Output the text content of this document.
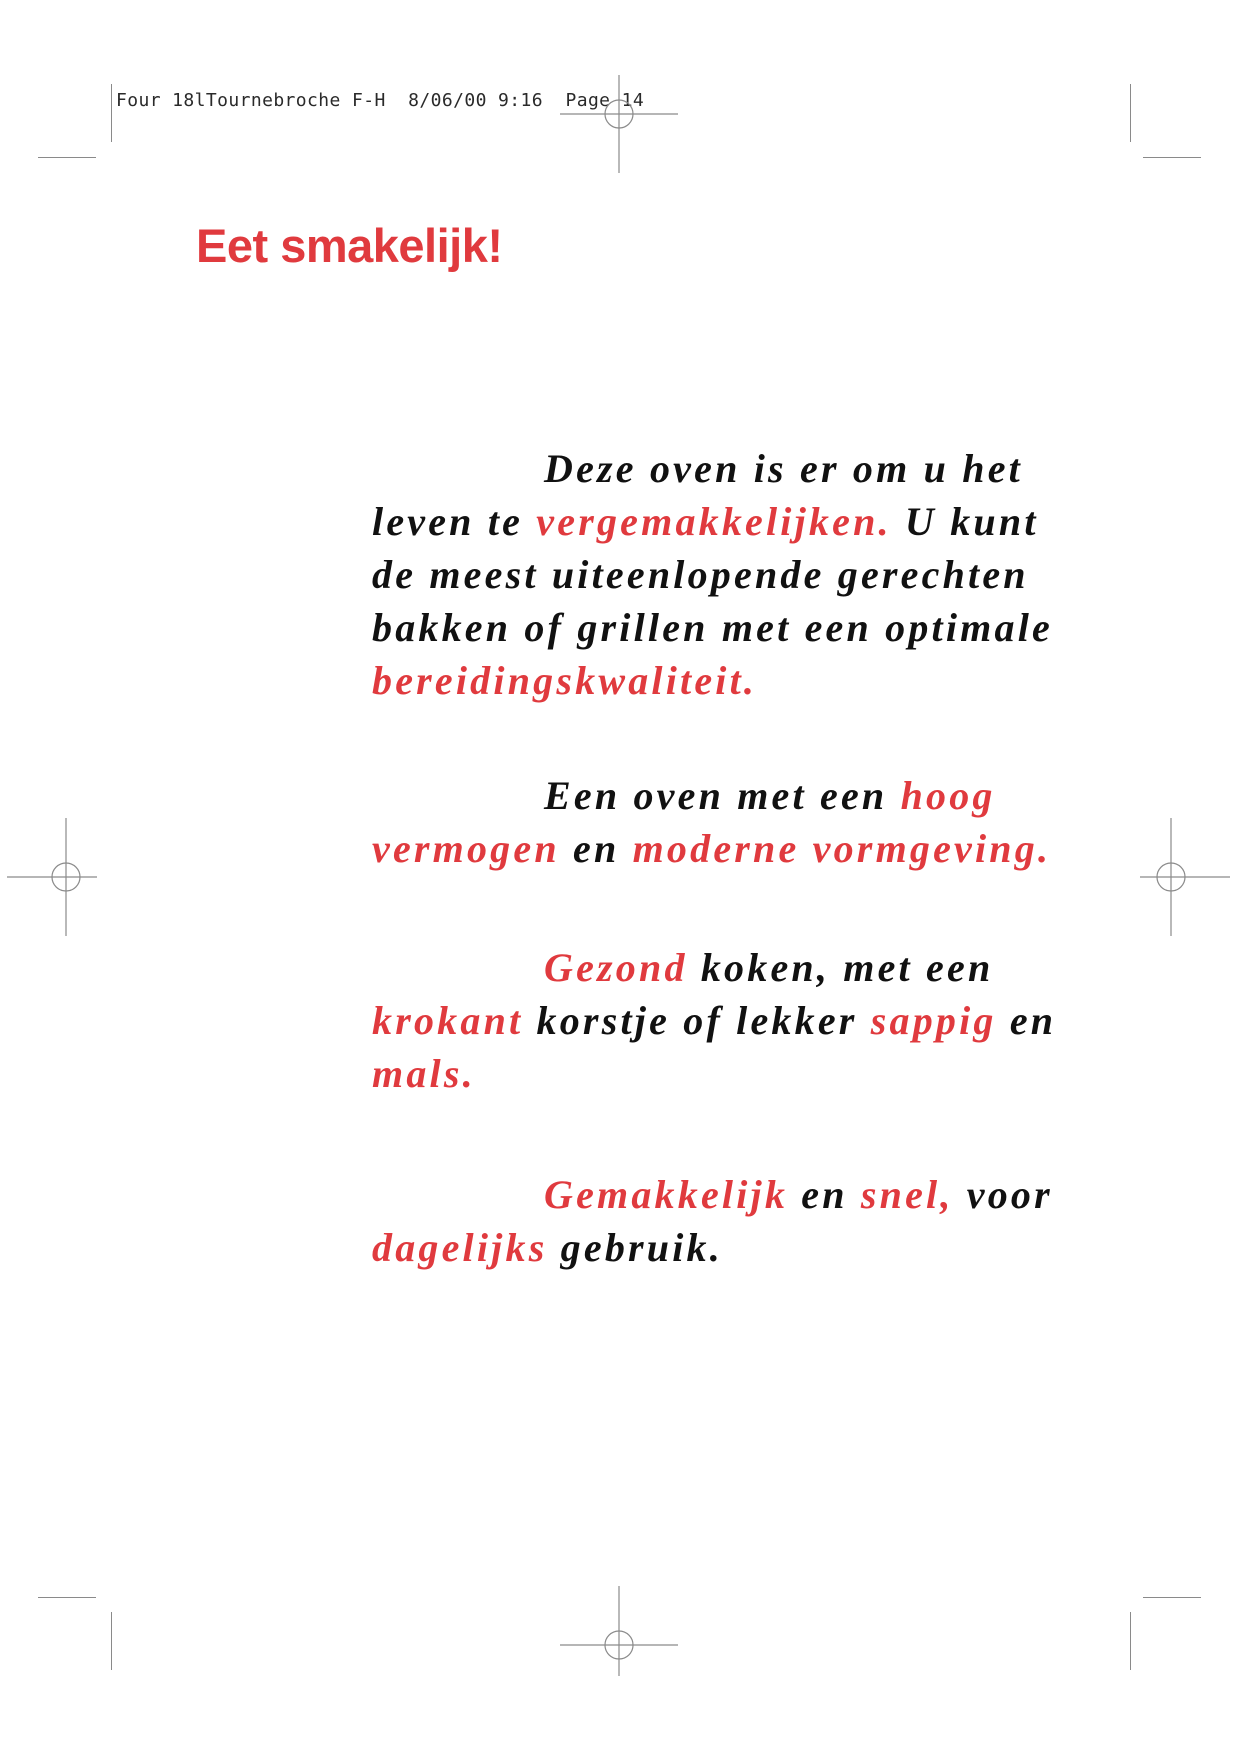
Four 18lTournebroche F-H  8/06/00 9:16  Page 14
Eet smakelijk!

Deze oven is er om u het leven te vergemakkelijken. U kunt de meest uiteenlopende gerechten bakken of grillen met een optimale bereidingskwaliteit.

Een oven met een hoog vermogen en moderne vormgeving.

Gezond koken, met een krokant korstje of lekker sappig en mals.

Gemakkelijk en snel, voor dagelijks gebruik.
